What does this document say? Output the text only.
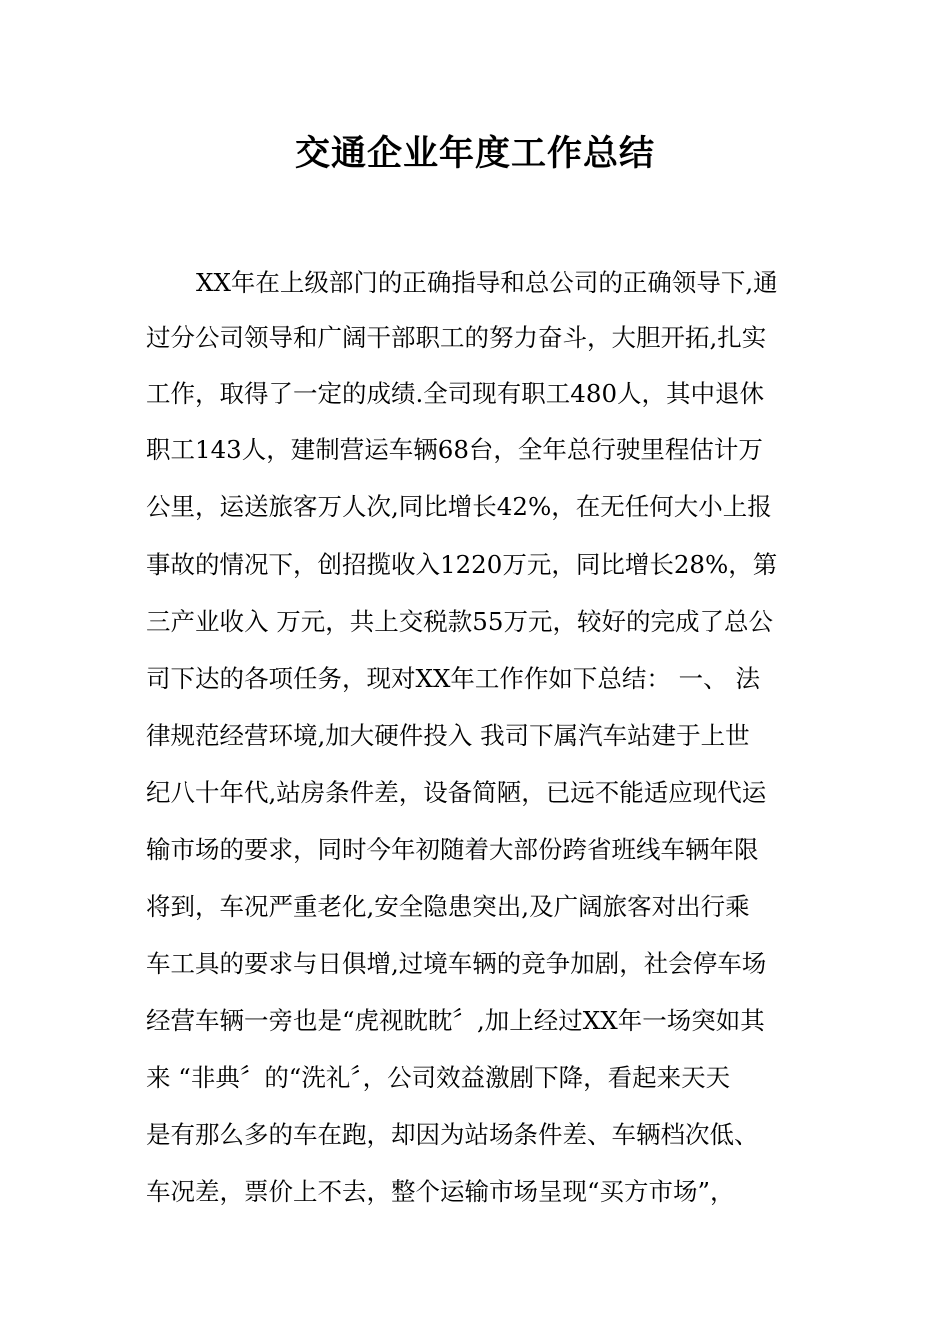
交通企业年度工作总结
XX年在上级部门的正确指导和总公司的正确领导下,通
过分公司领导和广阔干部职工的努力奋斗，大胆开拓,扎实
工作，取得了一定的成绩.全司现有职工480人，其中退休
职工143人，建制营运车辆68台，全年总行驶里程估计万
公里，运送旅客万人次,同比增长42%，在无任何大小上报
事故的情况下，创招揽收入1220万元，同比增长28%，第
三产业收入 万元，共上交税款55万元，较好的完成了总公
司下达的各项任务，现对XX年工作作如下总结： 一、 法
律规范经营环境,加大硬件投入 我司下属汽车站建于上世
纪八十年代,站房条件差，设备简陋，已远不能适应现代运
输市场的要求，同时今年初随着大部份跨省班线车辆年限
将到，车况严重老化,安全隐患突出,及广阔旅客对出行乘
车工具的要求与日俱增,过境车辆的竞争加剧，社会停车场
经营车辆一旁也是“虎视眈眈〞,加上经过XX年一场突如其
来 “非典〞的“洗礼〞，公司效益激剧下降，看起来天天
是有那么多的车在跑，却因为站场条件差、车辆档次低、
车况差，票价上不去，整个运输市场呈现“买方市场”，
